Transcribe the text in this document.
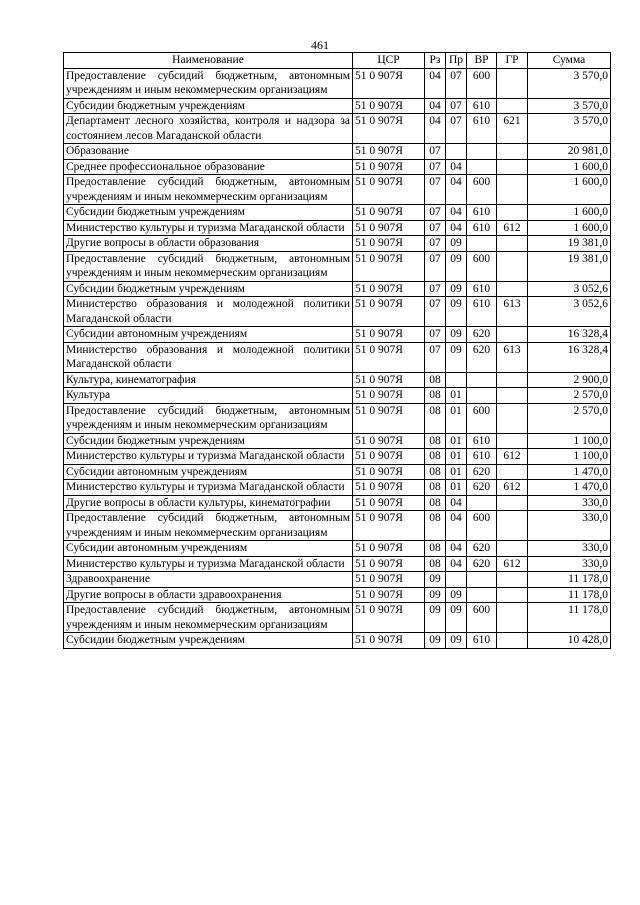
461
Наименование	ЦСР	Рз	Пр	ВР	ГР	Сумма
Предоставление субсидий бюджетным, автономным учреждениям и иным некоммерческим организациям	51 0 907Я	04	07	600		3 570,0
Субсидии бюджетным учреждениям	51 0 907Я	04	07	610		3 570,0
Департамент лесного хозяйства, контроля и надзора за состоянием лесов Магаданской области	51 0 907Я	04	07	610	621	3 570,0
Образование	51 0 907Я	07				20 981,0
Среднее профессиональное образование	51 0 907Я	07	04			1 600,0
Предоставление субсидий бюджетным, автономным учреждениям и иным некоммерческим организациям	51 0 907Я	07	04	600		1 600,0
Субсидии бюджетным учреждениям	51 0 907Я	07	04	610		1 600,0
Министерство культуры и туризма Магаданской области	51 0 907Я	07	04	610	612	1 600,0
Другие вопросы в области образования	51 0 907Я	07	09			19 381,0
Предоставление субсидий бюджетным, автономным учреждениям и иным некоммерческим организациям	51 0 907Я	07	09	600		19 381,0
Субсидии бюджетным учреждениям	51 0 907Я	07	09	610		3 052,6
Министерство образования и молодежной политики Магаданской области	51 0 907Я	07	09	610	613	3 052,6
Субсидии автономным учреждениям	51 0 907Я	07	09	620		16 328,4
Министерство образования и молодежной политики Магаданской области	51 0 907Я	07	09	620	613	16 328,4
Культура, кинематография	51 0 907Я	08				2 900,0
Культура	51 0 907Я	08	01			2 570,0
Предоставление субсидий бюджетным, автономным учреждениям и иным некоммерческим организациям	51 0 907Я	08	01	600		2 570,0
Субсидии бюджетным учреждениям	51 0 907Я	08	01	610		1 100,0
Министерство культуры и туризма Магаданской области	51 0 907Я	08	01	610	612	1 100,0
Субсидии автономным учреждениям	51 0 907Я	08	01	620		1 470,0
Министерство культуры и туризма Магаданской области	51 0 907Я	08	01	620	612	1 470,0
Другие вопросы в области культуры, кинематографии	51 0 907Я	08	04			330,0
Предоставление субсидий бюджетным, автономным учреждениям и иным некоммерческим организациям	51 0 907Я	08	04	600		330,0
Субсидии автономным учреждениям	51 0 907Я	08	04	620		330,0
Министерство культуры и туризма Магаданской области	51 0 907Я	08	04	620	612	330,0
Здравоохранение	51 0 907Я	09				11 178,0
Другие вопросы в области здравоохранения	51 0 907Я	09	09			11 178,0
Предоставление субсидий бюджетным, автономным учреждениям и иным некоммерческим организациям	51 0 907Я	09	09	600		11 178,0
Субсидии бюджетным учреждениям	51 0 907Я	09	09	610		10 428,0
